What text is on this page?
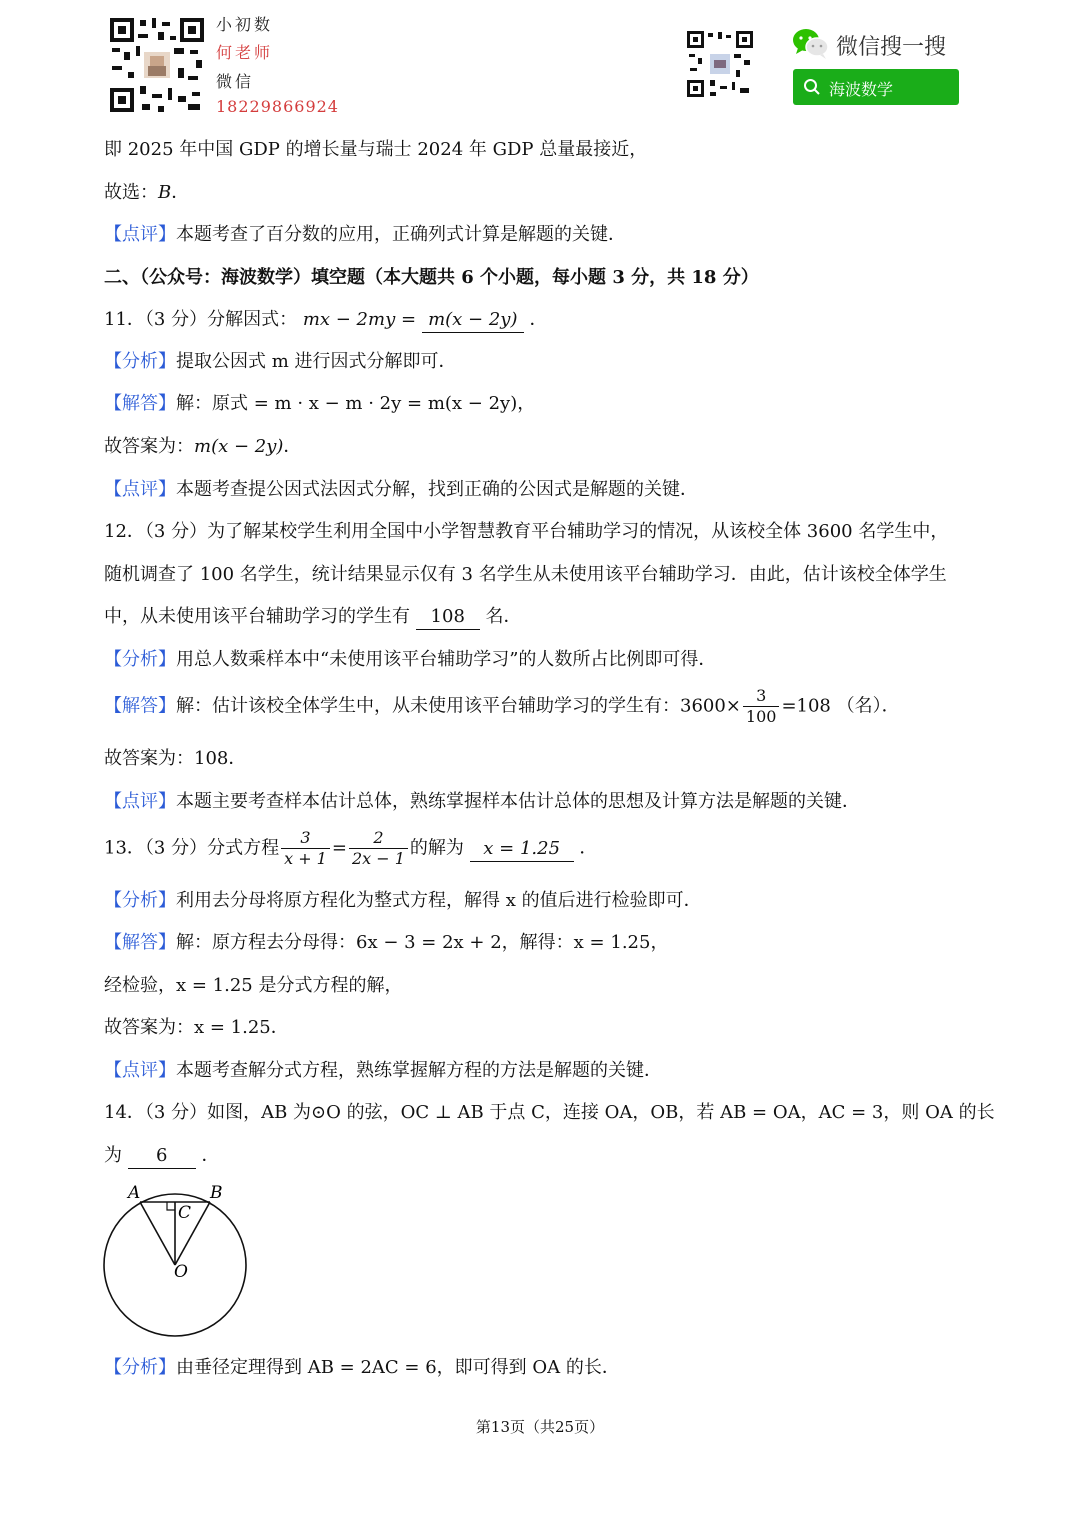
小初数
何老师
微信
18229866924
微信搜一搜
海波数学
即 2025 年中国 GDP 的增长量与瑞士 2024 年 GDP 总量最接近，
故选：B．
【点评】本题考查了百分数的应用，正确列式计算是解题的关键．
二、（公众号：海波数学）填空题（本大题共 6 个小题，每小题 3 分，共 18 分）
11．（3 分）分解因式： mx − 2my = m(x − 2y) ．
【分析】提取公因式 m 进行因式分解即可．
【解答】解：原式 = m · x − m · 2y = m(x − 2y)，
故答案为：m(x − 2y)．
【点评】本题考查提公因式法因式分解，找到正确的公因式是解题的关键．
12．（3 分）为了解某校学生利用全国中小学智慧教育平台辅助学习的情况，从该校全体 3600 名学生中，
随机调查了 100 名学生，统计结果显示仅有 3 名学生从未使用该平台辅助学习．由此，估计该校全体学生
中，从未使用该平台辅助学习的学生有 108 名．
【分析】用总人数乘样本中“未使用该平台辅助学习”的人数所占比例即可得．
【解答】解：估计该校全体学生中，从未使用该平台辅助学习的学生有：$3600\times \frac{3}{100} =108$ （名）．
故答案为：108．
【点评】本题主要考查样本估计总体，熟练掌握样本估计总体的思想及计算方法是解题的关键．
13．（3 分）分式方程 $\frac{3}{x + 1} = \frac{2}{2x - 1}$ 的解为 x = 1.25 ．
【分析】利用去分母将原方程化为整式方程，解得 x 的值后进行检验即可．
【解答】解：原方程去分母得：6x − 3 = 2x + 2，解得：x = 1.25，
经检验，x = 1.25 是分式方程的解，
故答案为：x = 1.25．
【点评】本题考查解分式方程，熟练掌握解方程的方法是解题的关键．
14．（3 分）如图，AB 为⊙O 的弦，OC ⊥ AB 于点 C，连接 OA，OB，若 AB = OA，AC = 3，则 OA 的长
为 6 ．
A	B
C
O
【分析】由垂径定理得到 AB = 2AC = 6，即可得到 OA 的长．
第13页（共25页）
